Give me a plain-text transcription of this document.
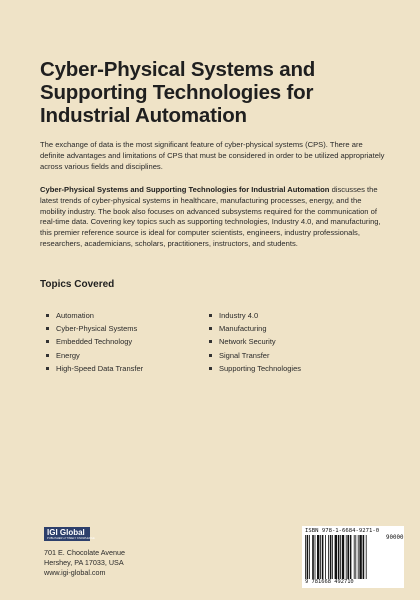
Cyber-Physical Systems and Supporting Technologies for Industrial Automation
The exchange of data is the most significant feature of cyber-physical systems (CPS). There are definite advantages and limitations of CPS that must be considered in order to be utilized appropriately across various fields and disciplines.
Cyber-Physical Systems and Supporting Technologies for Industrial Automation discusses the latest trends of cyber-physical systems in healthcare, manufacturing processes, energy, and the mobility industry. The book also focuses on advanced subsystems required for the communication of real-time data. Covering key topics such as supporting technologies, Industry 4.0, and manufacturing, this premier reference source is ideal for computer scientists, engineers, industry professionals, researchers, academicians, scholars, practitioners, instructors, and students.
Topics Covered
Automation
Cyber-Physical Systems
Embedded Technology
Energy
High-Speed Data Transfer
Industry 4.0
Manufacturing
Network Security
Signal Transfer
Supporting Technologies
IGI Global
PUBLISHER of TIMELY KNOWLEDGE
701 E. Chocolate Avenue
Hershey, PA 17033, USA
www.igi-global.com
ISBN 978-1-6684-9271-0
90000
9 781668 492710
